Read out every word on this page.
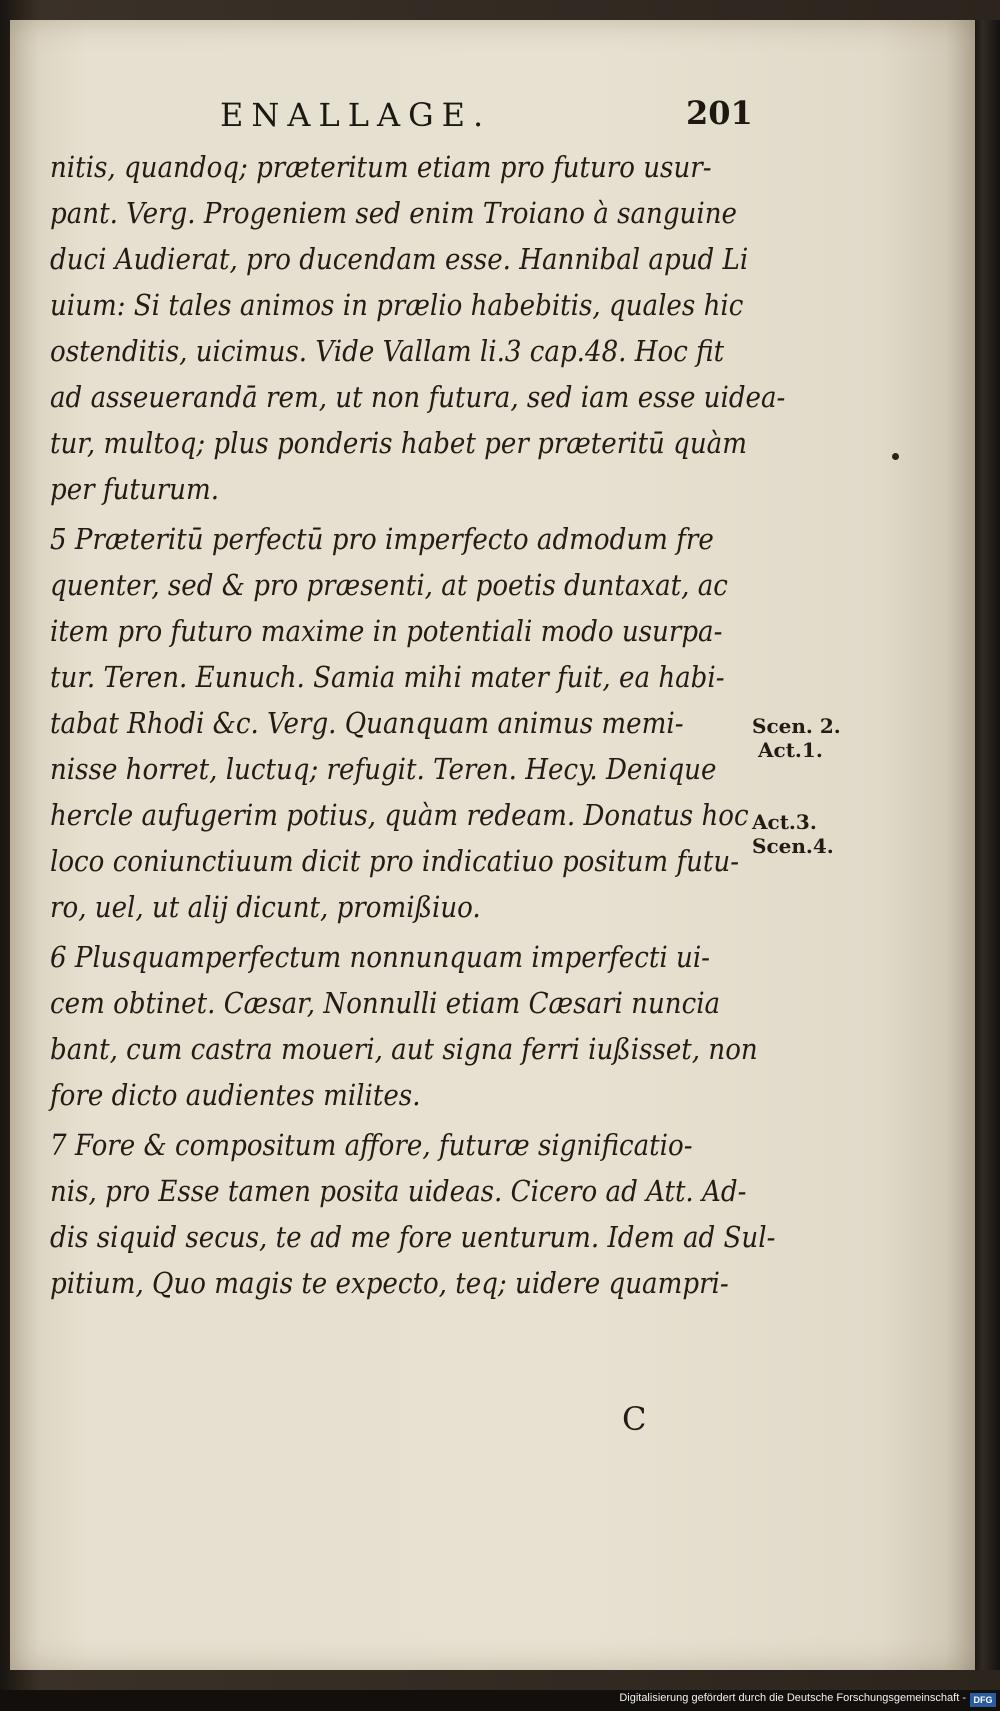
ENALLAGE.	201
nitis, quandoq; præteritum etiam pro futuro usur-
pant. Verg. Progeniem sed enim Troiano à sanguine
duci Audierat, pro ducendam esse. Hannibal apud Li
uium: Si tales animos in prælio habebitis, quales hic
ostenditis, uicimus. Vide Vallam li.3 cap.48. Hoc fit
ad asseuerandā rem, ut non futura, sed iam esse uidea-
tur, multoq; plus ponderis habet per præteritū quàm
per futurum.
5 Præteritū perfectū pro imperfecto admodum fre
quenter, sed & pro præsenti, at poetis duntaxat, ac
item pro futuro maxime in potentiali modo usurpa-
tur. Teren. Eunuch. Samia mihi mater fuit, ea habi-
tabat Rhodi &c. Verg. Quanquam animus memi-
nisse horret, luctuq; refugit. Teren. Hecy. Denique
hercle aufugerim potius, quàm redeam. Donatus hoc
loco coniunctiuum dicit pro indicatiuo positum futu-
ro, uel, ut alij dicunt, promißiuo.
6 Plusquamperfectum nonnunquam imperfecti ui-
cem obtinet. Cæsar, Nonnulli etiam Cæsari nuncia
bant, cum castra moueri, aut signa ferri iußisset, non
fore dicto audientes milites.
7 Fore & compositum affore, futuræ significatio-
nis, pro Esse tamen posita uideas. Cicero ad Att. Ad-
dis siquid secus, te ad me fore uenturum. Idem ad Sul-
pitium, Quo magis te expecto, teq; uidere quampri-
C
Scen. 2.
Act.1.
Act.3.
Scen.4.
Digitalisierung gefördert durch die Deutsche Forschungsgemeinschaft - DFG
